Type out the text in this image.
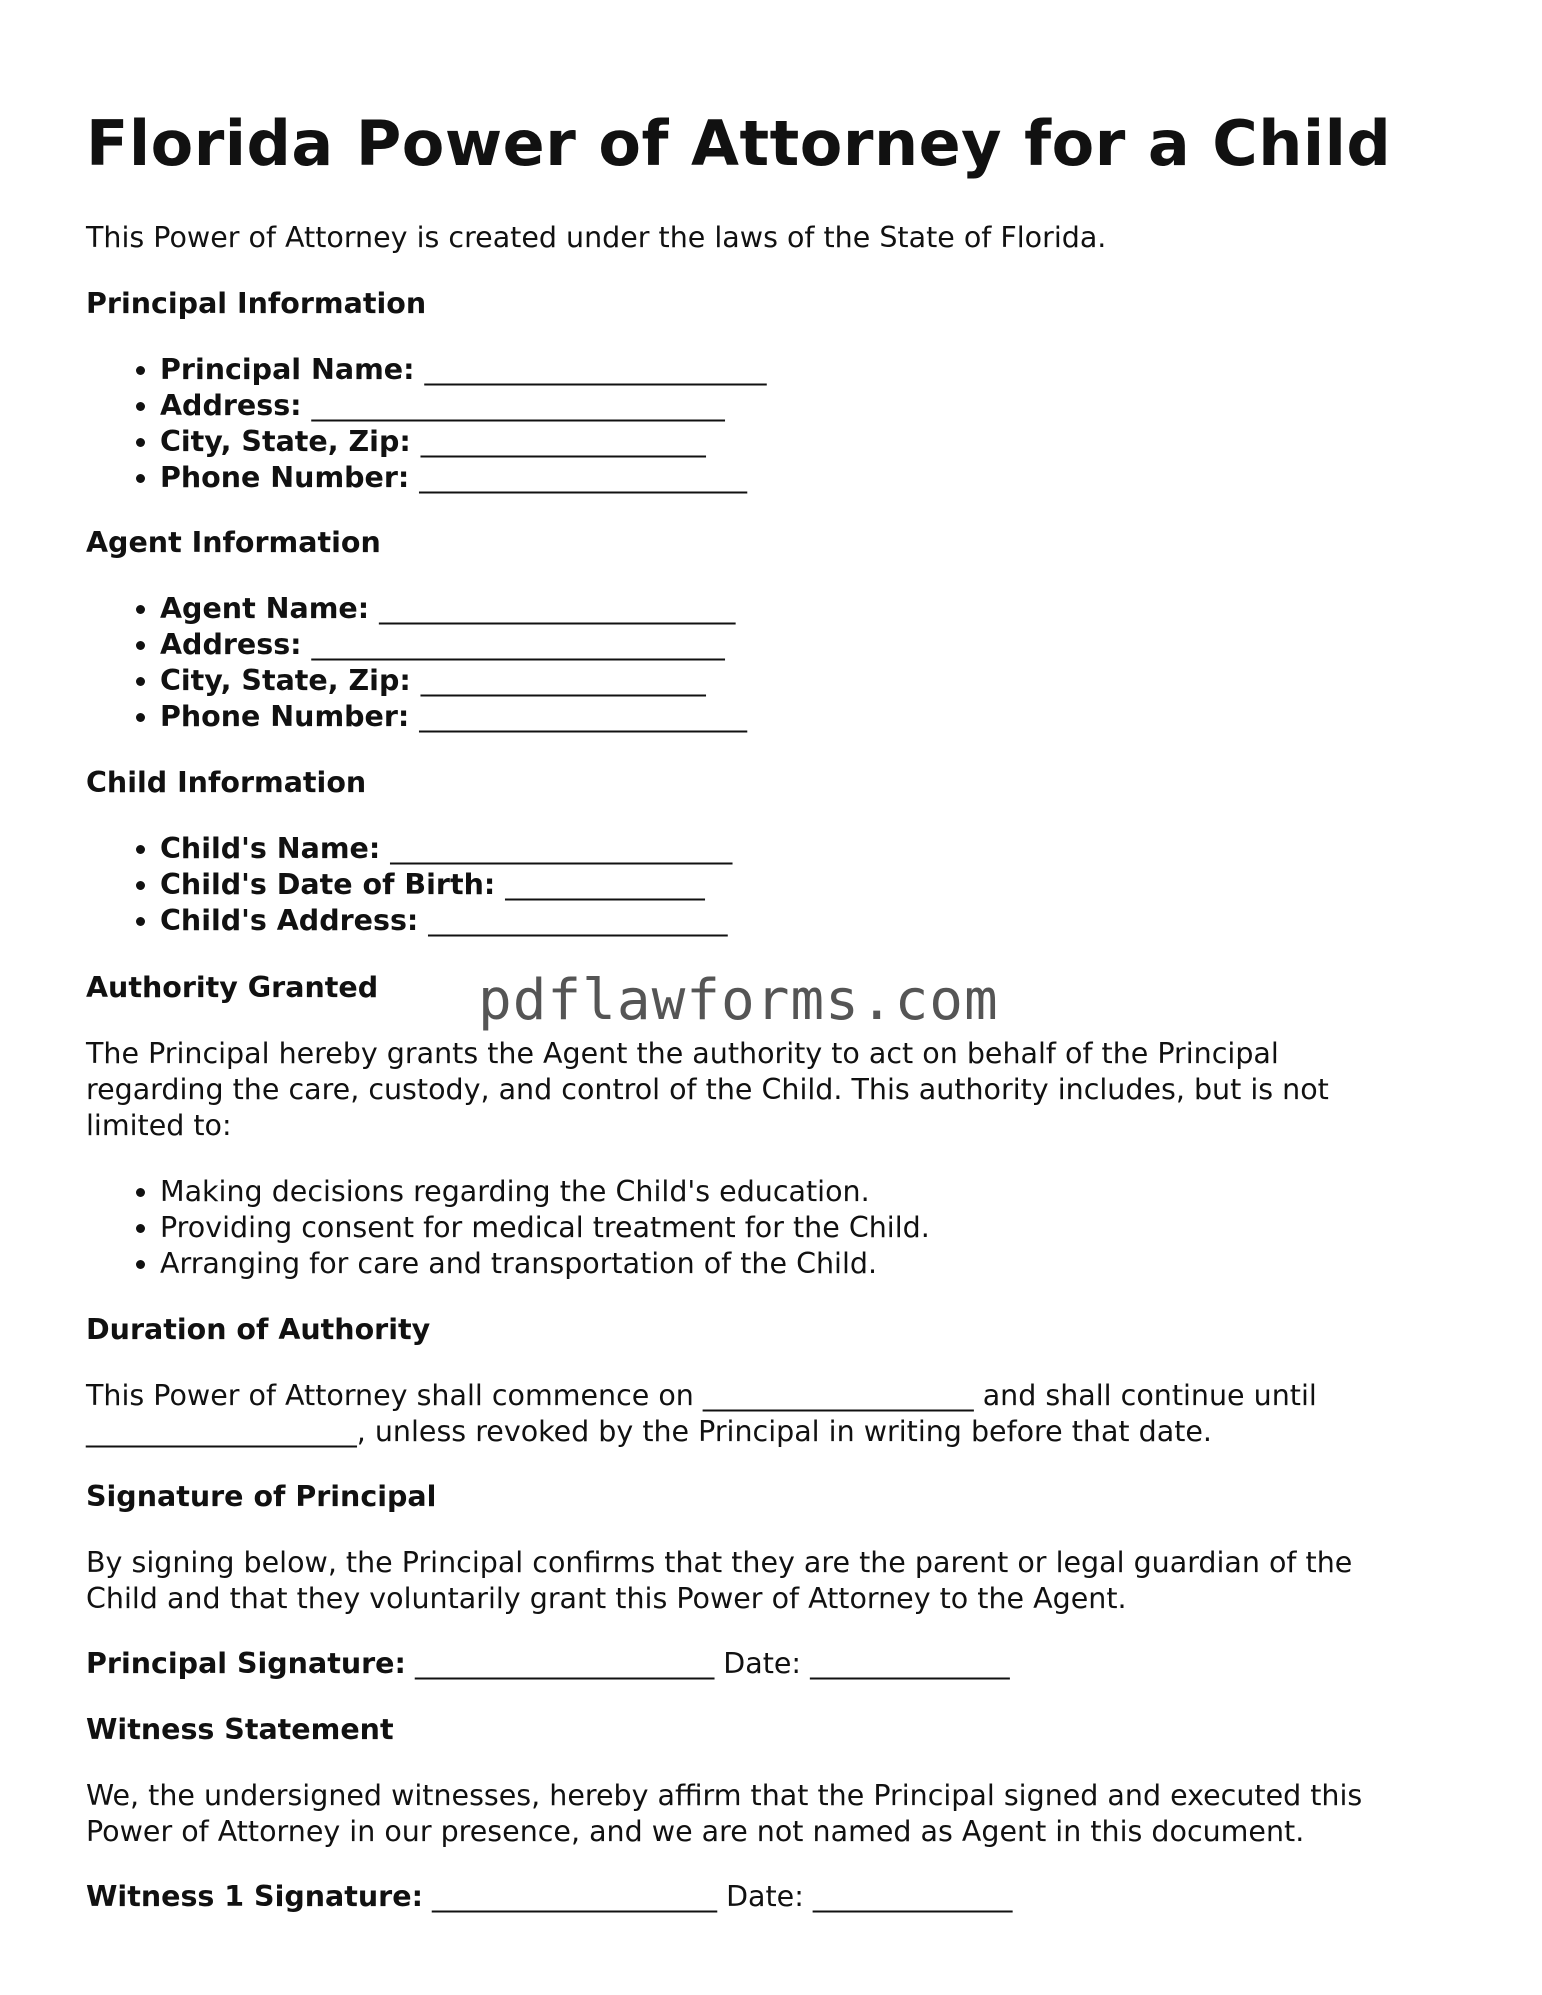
Florida Power of Attorney for a Child

This Power of Attorney is created under the laws of the State of Florida.

Principal Information
• Principal Name: ________________________
• Address: _____________________________
• City, State, Zip: ____________________
• Phone Number: _______________________
Agent Information
• Agent Name: _________________________
• Address: _____________________________
• City, State, Zip: ____________________
• Phone Number: _______________________
Child Information
• Child's Name: ________________________
• Child's Date of Birth: ______________
• Child's Address: _____________________
Authority Granted

The Principal hereby grants the Agent the authority to act on behalf of the Principal

regarding the care, custody, and control of the Child. This authority includes, but is not

limited to:

• Making decisions regarding the Child's education.
• Providing consent for medical treatment for the Child.
• Arranging for care and transportation of the Child.
Duration of Authority

This Power of Attorney shall commence on ___________________ and shall continue until

___________________, unless revoked by the Principal in writing before that date.

Signature of Principal

By signing below, the Principal confirms that they are the parent or legal guardian of the

Child and that they voluntarily grant this Power of Attorney to the Agent.

Principal Signature: _____________________ Date: ______________
Witness Statement

We, the undersigned witnesses, hereby affirm that the Principal signed and executed this

Power of Attorney in our presence, and we are not named as Agent in this document.

Witness 1 Signature: ____________________ Date: ______________
pdflawforms.com
